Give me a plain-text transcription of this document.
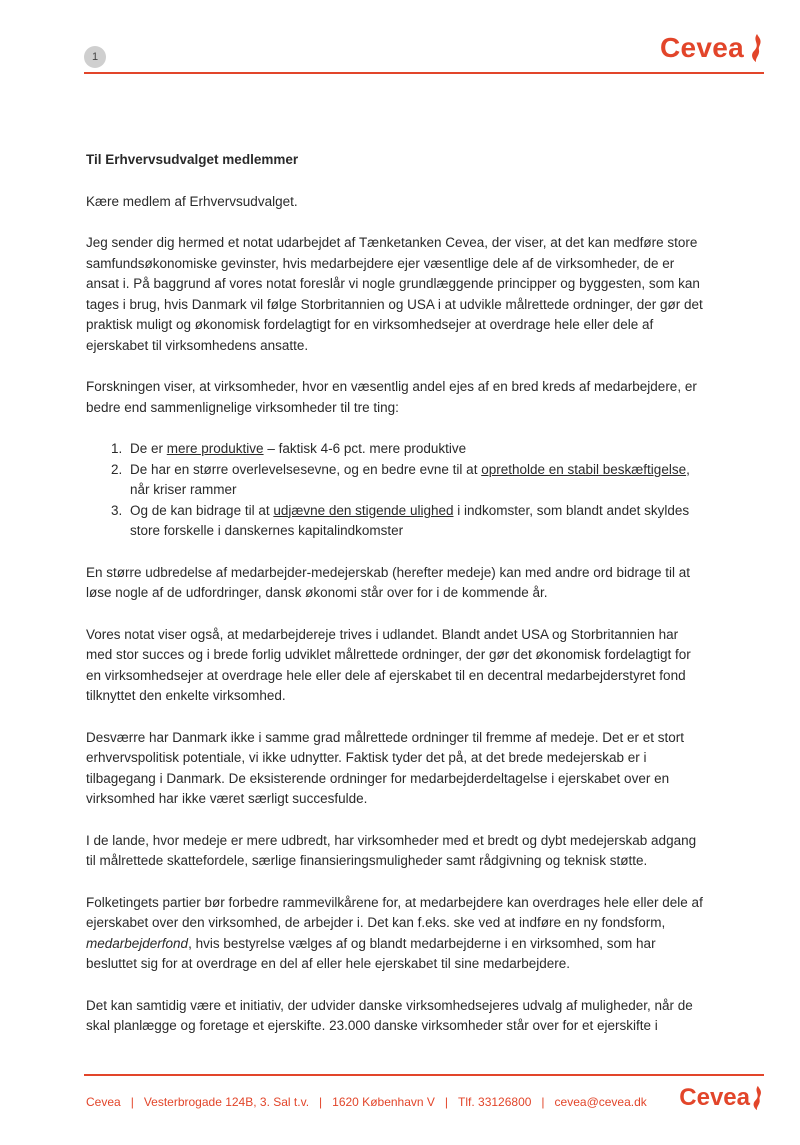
1	Cevea

Til Erhvervsudvalget medlemmer

Kære medlem af Erhvervsudvalget.

Jeg sender dig hermed et notat udarbejdet af Tænketanken Cevea, der viser, at det kan medføre store samfundsøkonomiske gevinster, hvis medarbejdere ejer væsentlige dele af de virksomheder, de er ansat i. På baggrund af vores notat foreslår vi nogle grundlæggende principper og byggesten, som kan tages i brug, hvis Danmark vil følge Storbritannien og USA i at udvikle målrettede ordninger, der gør det praktisk muligt og økonomisk fordelagtigt for en virksomhedsejer at overdrage hele eller dele af ejerskabet til virksomhedens ansatte.

Forskningen viser, at virksomheder, hvor en væsentlig andel ejes af en bred kreds af medarbejdere, er bedre end sammenlignelige virksomheder til tre ting:

1. De er mere produktive – faktisk 4-6 pct. mere produktive
2. De har en større overlevelsesevne, og en bedre evne til at opretholde en stabil beskæftigelse, når kriser rammer
3. Og de kan bidrage til at udjævne den stigende ulighed i indkomster, som blandt andet skyldes store forskelle i danskernes kapitalindkomster

En større udbredelse af medarbejder-medejerskab (herefter medeje) kan med andre ord bidrage til at løse nogle af de udfordringer, dansk økonomi står over for i de kommende år.

Vores notat viser også, at medarbejdereje trives i udlandet. Blandt andet USA og Storbritannien har med stor succes og i brede forlig udviklet målrettede ordninger, der gør det økonomisk fordelagtigt for en virksomhedsejer at overdrage hele eller dele af ejerskabet til en decentral medarbejderstyret fond tilknyttet den enkelte virksomhed.

Desværre har Danmark ikke i samme grad målrettede ordninger til fremme af medeje. Det er et stort erhvervspolitisk potentiale, vi ikke udnytter. Faktisk tyder det på, at det brede medejerskab er i tilbagegang i Danmark. De eksisterende ordninger for medarbejderdeltagelse i ejerskabet over en virksomhed har ikke været særligt succesfulde.

I de lande, hvor medeje er mere udbredt, har virksomheder med et bredt og dybt medejerskab adgang til målrettede skattefordele, særlige finansieringsmuligheder samt rådgivning og teknisk støtte.

Folketingets partier bør forbedre rammevilkårene for, at medarbejdere kan overdrages hele eller dele af ejerskabet over den virksomhed, de arbejder i. Det kan f.eks. ske ved at indføre en ny fondsform, medarbejderfond, hvis bestyrelse vælges af og blandt medarbejderne i en virksomhed, som har besluttet sig for at overdrage en del af eller hele ejerskabet til sine medarbejdere.

Det kan samtidig være et initiativ, der udvider danske virksomhedsejeres udvalg af muligheder, når de skal planlægge og foretage et ejerskifte. 23.000 danske virksomheder står over for et ejerskifte i

Cevea | Vesterbrogade 124B, 3. Sal t.v. | 1620 København V | Tlf. 33126800 | cevea@cevea.dk Cevea
